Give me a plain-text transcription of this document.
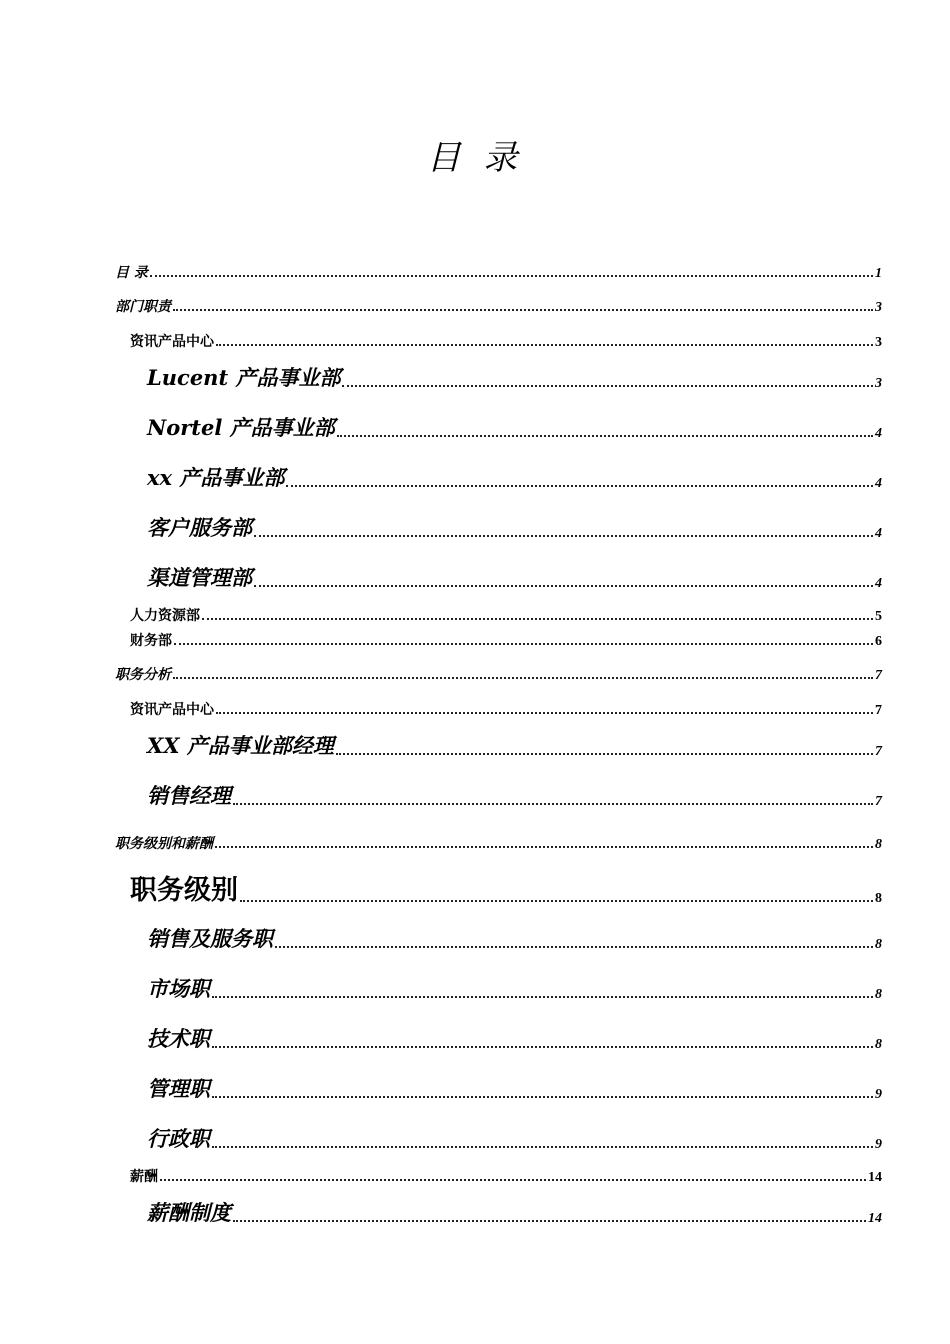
目 录
目 录	1
部门职责	3
资讯产品中心	3
Lucent 产品事业部	3
Nortel 产品事业部	4
xx 产品事业部	4
客户服务部	4
渠道管理部	4
人力资源部	5
财务部	6
职务分析	7
资讯产品中心	7
XX 产品事业部经理	7
销售经理	7
职务级别和薪酬	8
职务级别	8
销售及服务职	8
市场职	8
技术职	8
管理职	9
行政职	9
薪酬	14
薪酬制度	14
